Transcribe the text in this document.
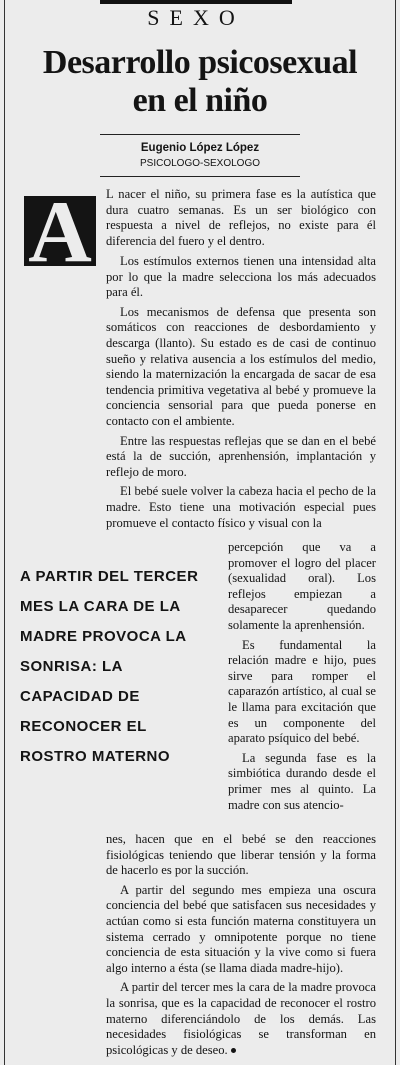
SEXO
Desarrollo psicosexual
en el niño
Eugenio López López
PSICOLOGO-SEXOLOGO
A	L nacer el niño, su primera fase es la autística que dura cuatro semanas. Es un ser biológico con respuesta a nivel de reflejos, no existe para él diferencia del fuero y el dentro.

Los estímulos externos tienen una intensidad alta por lo que la madre selecciona los más adecuados para él.

Los mecanismos de defensa que presenta son somáticos con reacciones de desbordamiento y descarga (llanto). Su estado es de casi de continuo sueño y relativa ausencia a los estímulos del medio, siendo la maternización la encargada de sacar de esa tendencia primitiva vegetativa al bebé y promueve la conciencia sensorial para que pueda ponerse en contacto con el ambiente.

Entre las respuestas reflejas que se dan en el bebé está la de succión, aprenhensión, implantación y reflejo de moro.

El bebé suele volver la cabeza hacia el pecho de la madre. Esto tiene una motivación especial pues promueve el contacto físico y visual con la

A PARTIR DEL TERCER MES LA CARA DE LA MADRE PROVOCA LA SONRISA: LA CAPACIDAD DE RECONOCER EL ROSTRO MATERNO

percepción que va a promover el logro del placer (sexualidad oral). Los reflejos empiezan a desaparecer quedando solamente la aprenhensión.

Es fundamental la relación madre e hijo, pues sirve para romper el caparazón artístico, al cual se le llama para excitación que es un componente del aparato psíquico del bebé.

La segunda fase es la simbiótica durando desde el primer mes al quinto. La madre con sus atencio-

nes, hacen que en el bebé se den reacciones fisiológicas teniendo que liberar tensión y la forma de hacerlo es por la succión.

A partir del segundo mes empieza una oscura conciencia del bebé que satisfacen sus necesidades y actúan como si esta función materna constituyera un sistema cerrado y omnipotente porque no tiene conciencia de esta situación y la vive como si fuera algo interno a ésta (se llama diada madre-hijo).

A partir del tercer mes la cara de la madre provoca la sonrisa, que es la capacidad de reconocer el rostro materno diferenciándolo de los demás. Las necesidades fisiológicas se transforman en psicológicas y de deseo.
